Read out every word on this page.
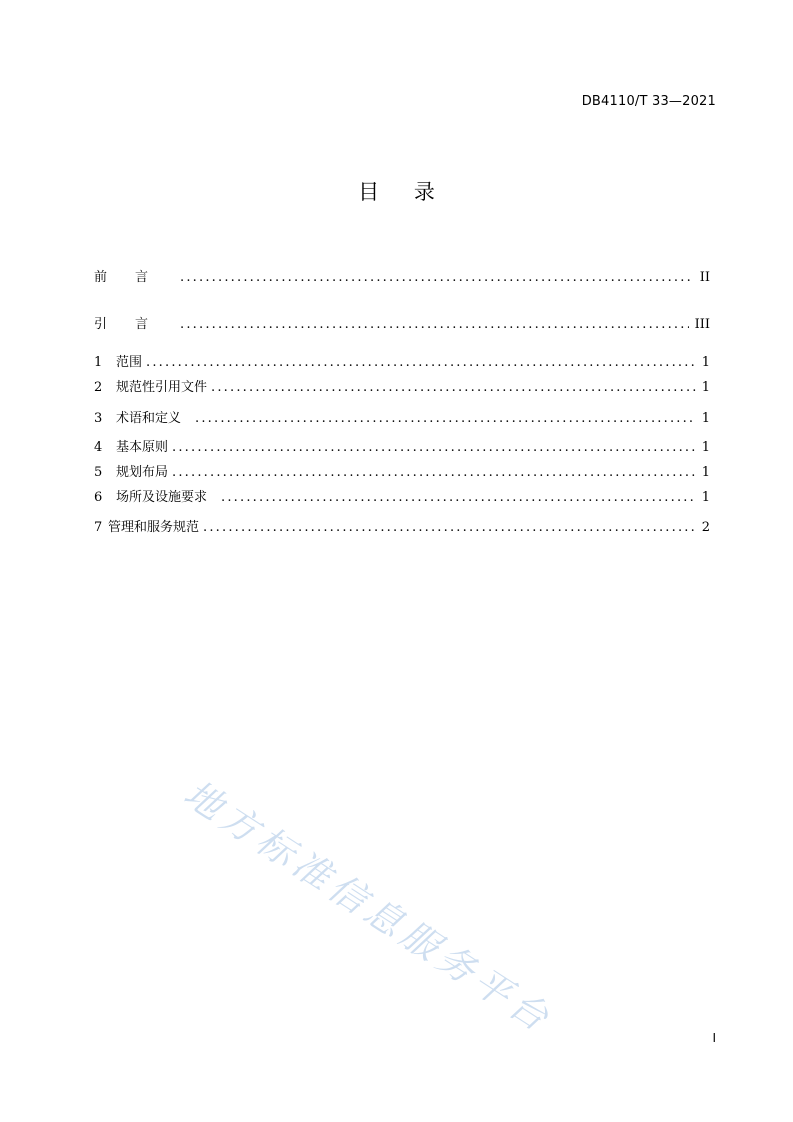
DB4110/T 33—2021
目 录
前言 .....	II
引言 .....	III
1 范围 .....	1
2 规范性引用文件 .....	1
3 术语和定义 .....	1
4 基本原则 .....	1
5 规划布局 .....	1
6 场所及设施要求 .....	1
7 管理和服务规范 .....	2
地方标准信息服务平台	I
